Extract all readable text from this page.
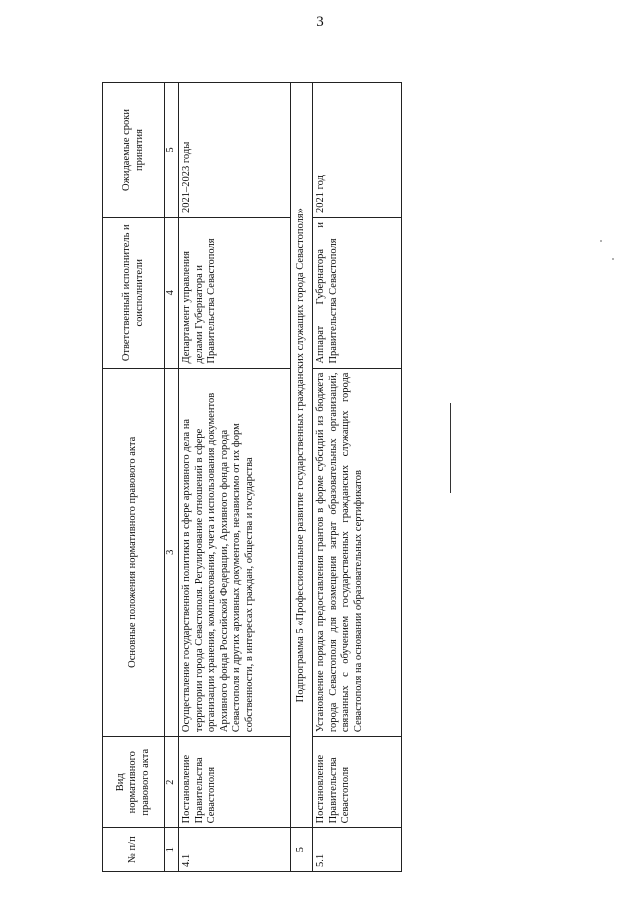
3
№ п/п	Вид нормативного правового акта	Основные положения нормативного правового акта	Ответственный исполнитель и соисполнители	Ожидаемые сроки принятия
1	2	3	4	5
4.1	Постановление Правительства Севастополя	Осуществление государственной политики в сфере архивного дела на территории города Севастополя. Регулирование отношений в сфере организации хранения, комплектования, учета и использования документов Архивного фонда Российской Федерации, Архивного фонда города Севастополя и других архивных документов, независимо от их форм собственности, в интересах граждан, общества и государства	Департамент управления делами Губернатора и Правительства Севастополя	2021–2023 годы
5	Подпрограмма 5 «Профессиональное развитие государственных гражданских служащих города Севастополя»			
5.1	Постановление Правительства Севастополя	Установление порядка предоставления грантов в форме субсидий из бюджета города Севастополя для возмещения затрат образовательных организаций, связанных с обучением государственных гражданских служащих города Севастополя на основании образовательных сертификатов	Аппарат Губернатора и Правительства Севастополя	2021 год
